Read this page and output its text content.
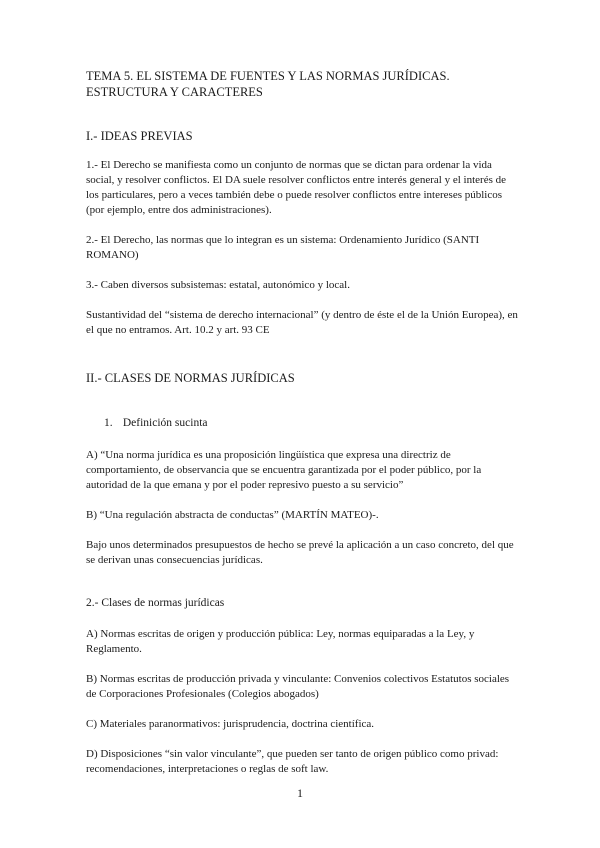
TEMA 5. EL SISTEMA DE FUENTES Y LAS NORMAS JURÍDICAS.
ESTRUCTURA Y CARACTERES
I.- IDEAS PREVIAS

1.- El Derecho se manifiesta como un conjunto de normas que se dictan para ordenar la vida social, y resolver conflictos. El DA suele resolver conflictos entre interés general y el interés de los particulares, pero a veces también debe o puede resolver conflictos entre intereses públicos (por ejemplo, entre dos administraciones).

2.- El Derecho, las normas que lo integran es un sistema: Ordenamiento Jurídico (SANTI ROMANO)

3.- Caben diversos subsistemas: estatal, autonómico y local.

Sustantividad del “sistema de derecho internacional” (y dentro de éste el de la Unión Europea), en el que no entramos. Art. 10.2 y art. 93 CE

II.- CLASES DE NORMAS JURÍDICAS
1. Definición sucinta

A) “Una norma jurídica es una proposición lingüística que expresa una directriz de comportamiento, de observancia que se encuentra garantizada por el poder público, por la autoridad de la que emana y por el poder represivo puesto a su servicio”

B) “Una regulación abstracta de conductas” (MARTÍN MATEO)-.

Bajo unos determinados presupuestos de hecho se prevé la aplicación a un caso concreto, del que se derivan unas consecuencias jurídicas.

2.- Clases de normas jurídicas

A) Normas escritas de origen y producción pública: Ley, normas equiparadas a la Ley, y Reglamento.

B) Normas escritas de producción privada y vinculante: Convenios colectivos Estatutos sociales de Corporaciones Profesionales (Colegios abogados)

C) Materiales paranormativos: jurisprudencia, doctrina científica.

D) Disposiciones “sin valor vinculante”, que pueden ser tanto de origen público como privad: recomendaciones, interpretaciones o reglas de soft law.

1
